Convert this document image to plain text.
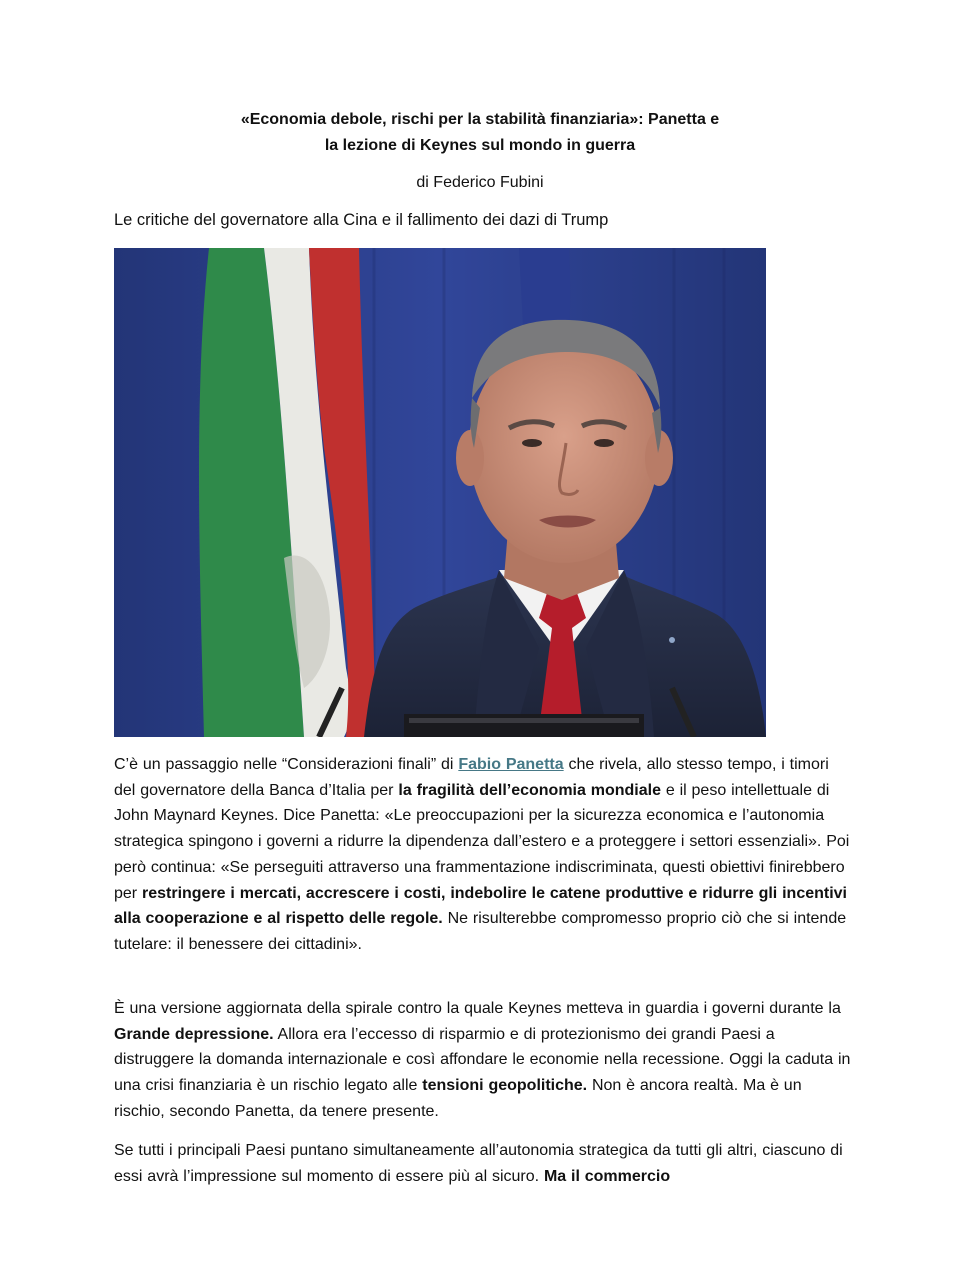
«Economia debole, rischi per la stabilità finanziaria»: Panetta e
la lezione di Keynes sul mondo in guerra
di Federico Fubini
Le critiche del governatore alla Cina e il fallimento dei dazi di Trump
C’è un passaggio nelle “Considerazioni finali” di Fabio Panetta che rivela, allo stesso tempo, i timori del governatore della Banca d’Italia per la fragilità dell’economia mondiale e il peso intellettuale di John Maynard Keynes. Dice Panetta: «Le preoccupazioni per la sicurezza economica e l’autonomia strategica spingono i governi a ridurre la dipendenza dall’estero e a proteggere i settori essenziali». Poi però continua: «Se perseguiti attraverso una frammentazione indiscriminata, questi obiettivi finirebbero per restringere i mercati, accrescere i costi, indebolire le catene produttive e ridurre gli incentivi alla cooperazione e al rispetto delle regole. Ne risulterebbe compromesso proprio ciò che si intende tutelare: il benessere dei cittadini».
È una versione aggiornata della spirale contro la quale Keynes metteva in guardia i governi durante la Grande depressione. Allora era l’eccesso di risparmio e di protezionismo dei grandi Paesi a distruggere la domanda internazionale e così affondare le economie nella recessione. Oggi la caduta in una crisi finanziaria è un rischio legato alle tensioni geopolitiche. Non è ancora realtà. Ma è un rischio, secondo Panetta, da tenere presente.
Se tutti i principali Paesi puntano simultaneamente all’autonomia strategica da tutti gli altri, ciascuno di essi avrà l’impressione sul momento di essere più al sicuro. Ma il commercio
